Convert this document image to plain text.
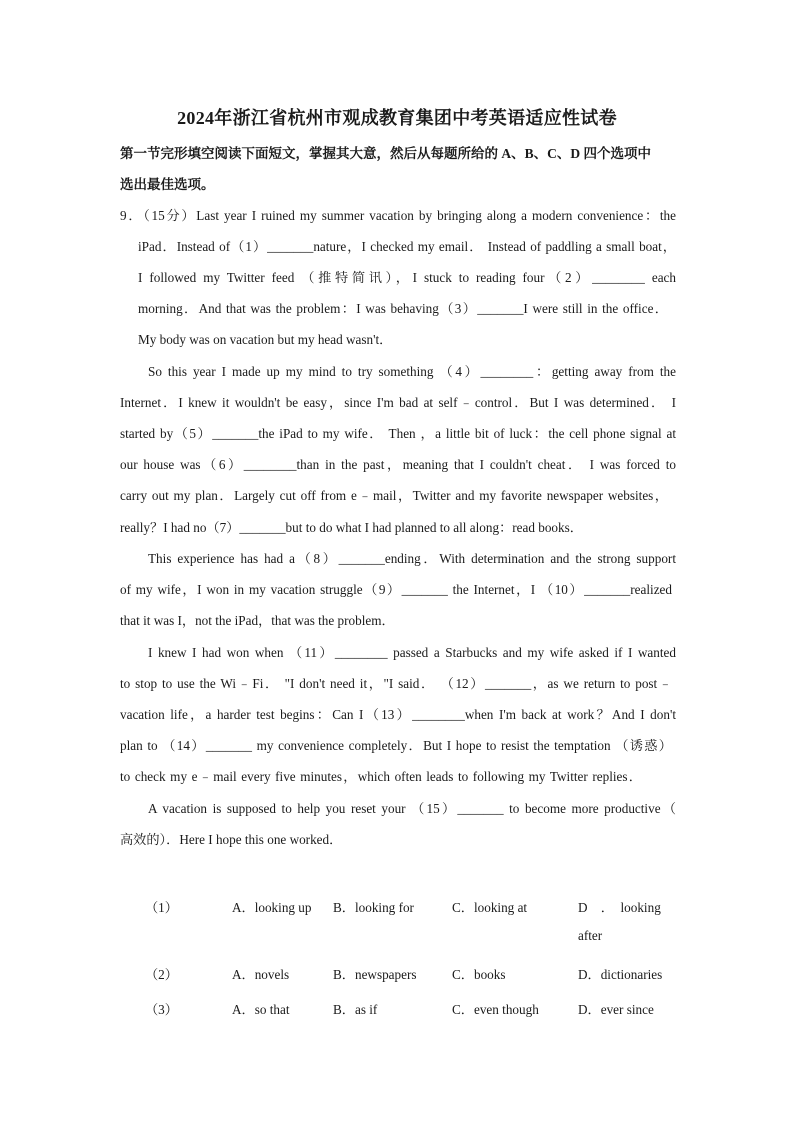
2024年浙江省杭州市观成教育集团中考英语适应性试卷
第一节完形填空阅读下面短文，掌握其大意，然后从每题所给的 A、B、C、D 四个选项中
选出最佳选项。
9．（15分）Last year I ruined my summer vacation by bringing along a modern convenience：the
iPad．Instead of（1）_______nature，I checked my email． Instead of paddling a small boat，
I followed my Twitter feed （推特简讯），I stuck to reading four（2）________ each
morning．And that was the problem：I was behaving（3）_______I were still in the office．
My body was on vacation but my head wasn't．
So this year I made up my mind to try something （4）________：getting away from the
Internet．I knew it wouldn't be easy，since I'm bad at self﹣control．But I was determined． I
started by（5）_______the iPad to my wife． Then ，a little bit of luck：the cell phone signal at
our house was（6）________than in the past，meaning that I couldn't cheat． I was forced to
carry out my plan．Largely cut off from e﹣mail，Twitter and my favorite newspaper websites，
really？I had no（7）_______but to do what I had planned to all along：read books．
This experience has had a（8）_______ending．With determination and the strong support
of my wife，I won in my vacation struggle（9）_______ the Internet，I （10）_______realized
that it was I，not the iPad，that was the problem．
I knew I had won when （11）________ passed a Starbucks and my wife asked if I wanted
to stop to use the Wi﹣Fi． "I don't need it，"I said． （12）_______，as we return to post﹣
vacation life，a harder test begins：Can I（13）________when I'm back at work？And I don't
plan to （14）_______ my convenience completely．But I hope to resist the temptation （诱惑）
to check my e﹣mail every five minutes，which often leads to following my Twitter replies．
A vacation is supposed to help you reset your （15）_______ to become more productive（
高效的）．Here I hope this one worked．
（1）	A．looking up B．looking for	C．looking at	D　．　looking
after
（2）	A．novels	B．newspapers	C．books	D．dictionaries
（3）	A．so that	B．as if	C．even though	D．ever since
